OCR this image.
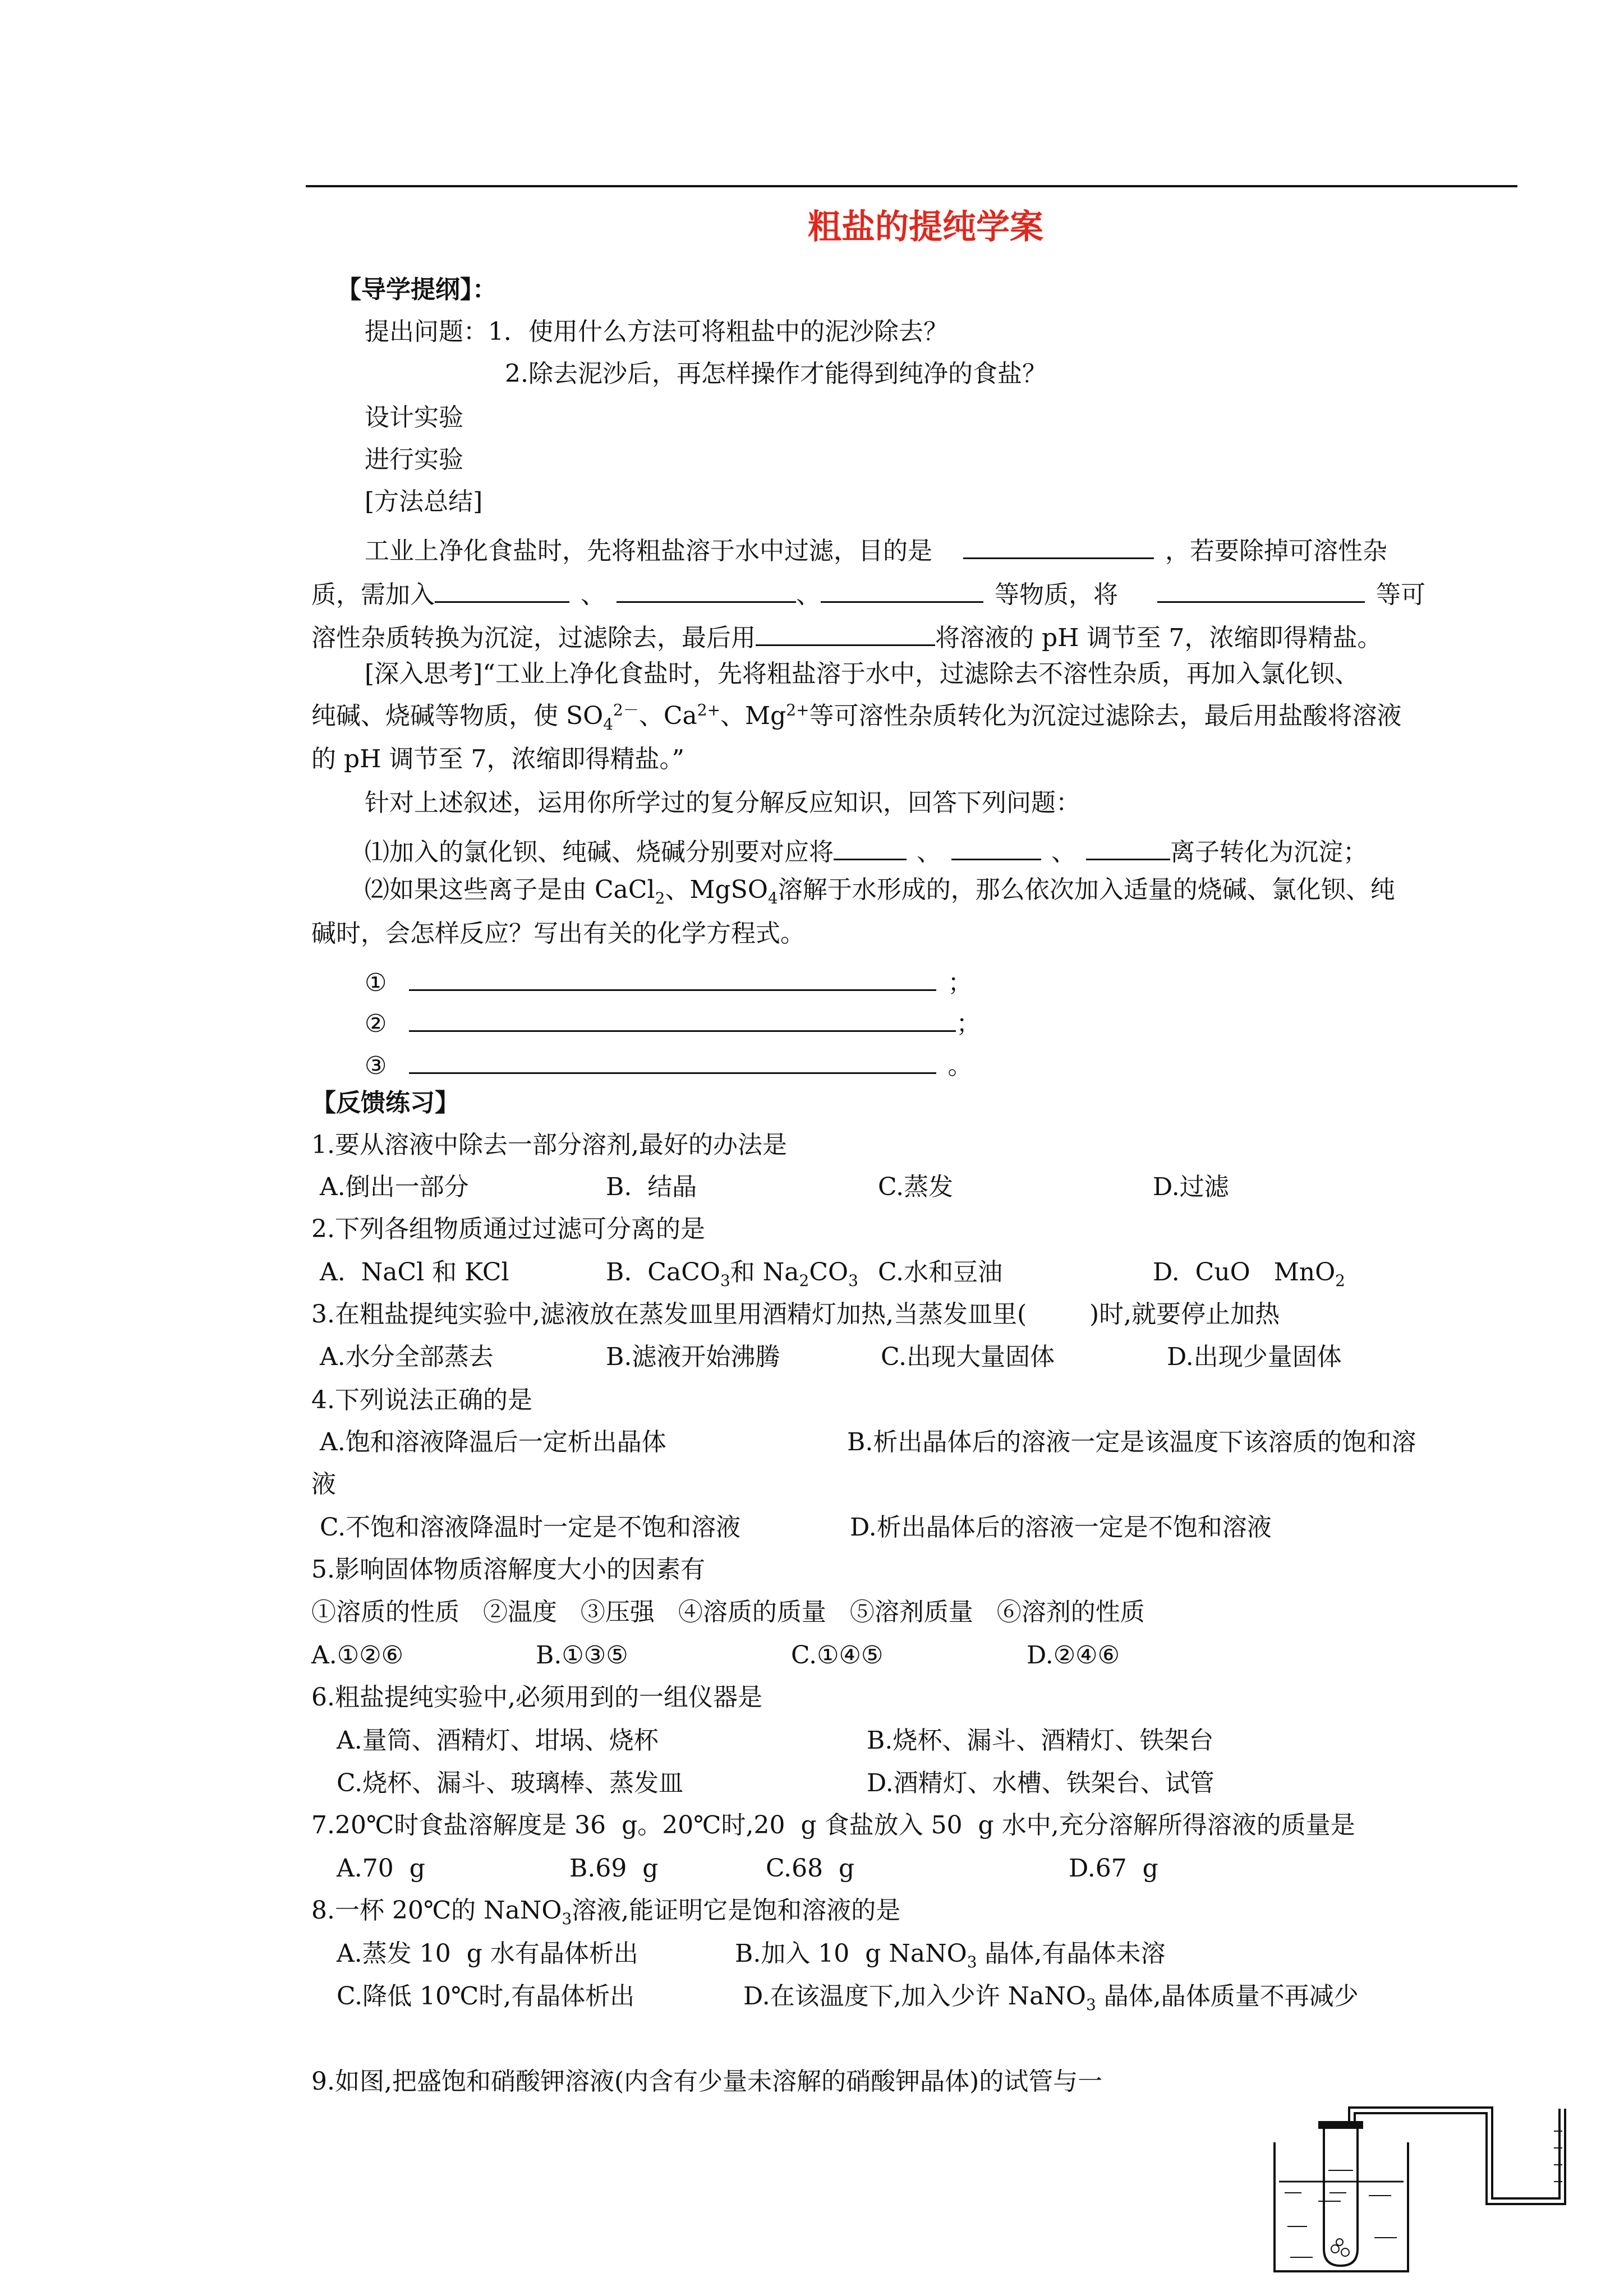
粗盐的提纯学案
【导学提纲】：
提出问题：1．使用什么方法可将粗盐中的泥沙除去？
2.除去泥沙后，再怎样操作才能得到纯净的食盐？
设计实验
进行实验
[方法总结]
工业上净化食盐时，先将粗盐溶于水中过滤，目的是	，若要除掉可溶性杂
质，需加入	、	、	等物质，将	等可
溶性杂质转换为沉淀，过滤除去，最后用	将溶液的 pH 调节至 7，浓缩即得精盐。
[深入思考]“工业上净化食盐时，先将粗盐溶于水中，过滤除去不溶性杂质，再加入氯化钡、
纯碱、烧碱等物质，使 $SO_4^{2-}$、$Ca^{2+}$、$Mg^{2+}$等可溶性杂质转化为沉淀过滤除去，最后用盐酸将溶液
的 pH 调节至 7，浓缩即得精盐。”
针对上述叙述，运用你所学过的复分解反应知识，回答下列问题：
⑴加入的氯化钡、纯碱、烧碱分别要对应将	、	、	离子转化为沉淀；
⑵如果这些离子是由 CaCl$_2$、MgSO$_4$溶解于水形成的，那么依次加入适量的烧碱、氯化钡、纯
碱时，会怎样反应？写出有关的化学方程式。
①	；
②	；
③	。
【反馈练习】
1.要从溶液中除去一部分溶剂,最好的办法是
A.倒出一部分	B.  结晶	C.蒸发	D.过滤
2.下列各组物质通过过滤可分离的是
A.  NaCl 和 KCl	B.  CaCO$_3$和 $Na_2CO_3$ C.水和豆油	D.  CuO   MnO$_2$
3.在粗盐提纯实验中,滤液放在蒸发皿里用酒精灯加热,当蒸发皿里(        )时,就要停止加热
A.水分全部蒸去	B.滤液开始沸腾	C.出现大量固体	D.出现少量固体
4.下列说法正确的是
A.饱和溶液降温后一定析出晶体	B.析出晶体后的溶液一定是该温度下该溶质的饱和溶
液
C.不饱和溶液降温时一定是不饱和溶液	D.析出晶体后的溶液一定是不饱和溶液
5.影响固体物质溶解度大小的因素有
①溶质的性质   ②温度   ③压强   ④溶质的质量   ⑤溶剂质量   ⑥溶剂的性质
A.①②⑥	B.①③⑤	C.①④⑤	D.②④⑥
6.粗盐提纯实验中,必须用到的一组仪器是
A.量筒、酒精灯、坩埚、烧杯	B.烧杯、漏斗、酒精灯、铁架台
C.烧杯、漏斗、玻璃棒、蒸发皿	D.酒精灯、水槽、铁架台、试管
7.20℃时食盐溶解度是 36  g。20℃时,20  g 食盐放入 50  g 水中,充分溶解所得溶液的质量是
A.70  g	B.69  g	C.68  g	D.67  g
8.一杯 20℃的 NaNO$_3$溶液,能证明它是饱和溶液的是
A.蒸发 10  g 水有晶体析出	B.加入 10  g NaNO$_3$ 晶体,有晶体未溶
C.降低 10℃时,有晶体析出	D.在该温度下,加入少许 NaNO$_3$ 晶体,晶体质量不再减少
9.如图,把盛饱和硝酸钾溶液(内含有少量未溶解的硝酸钾晶体)的试管与一
